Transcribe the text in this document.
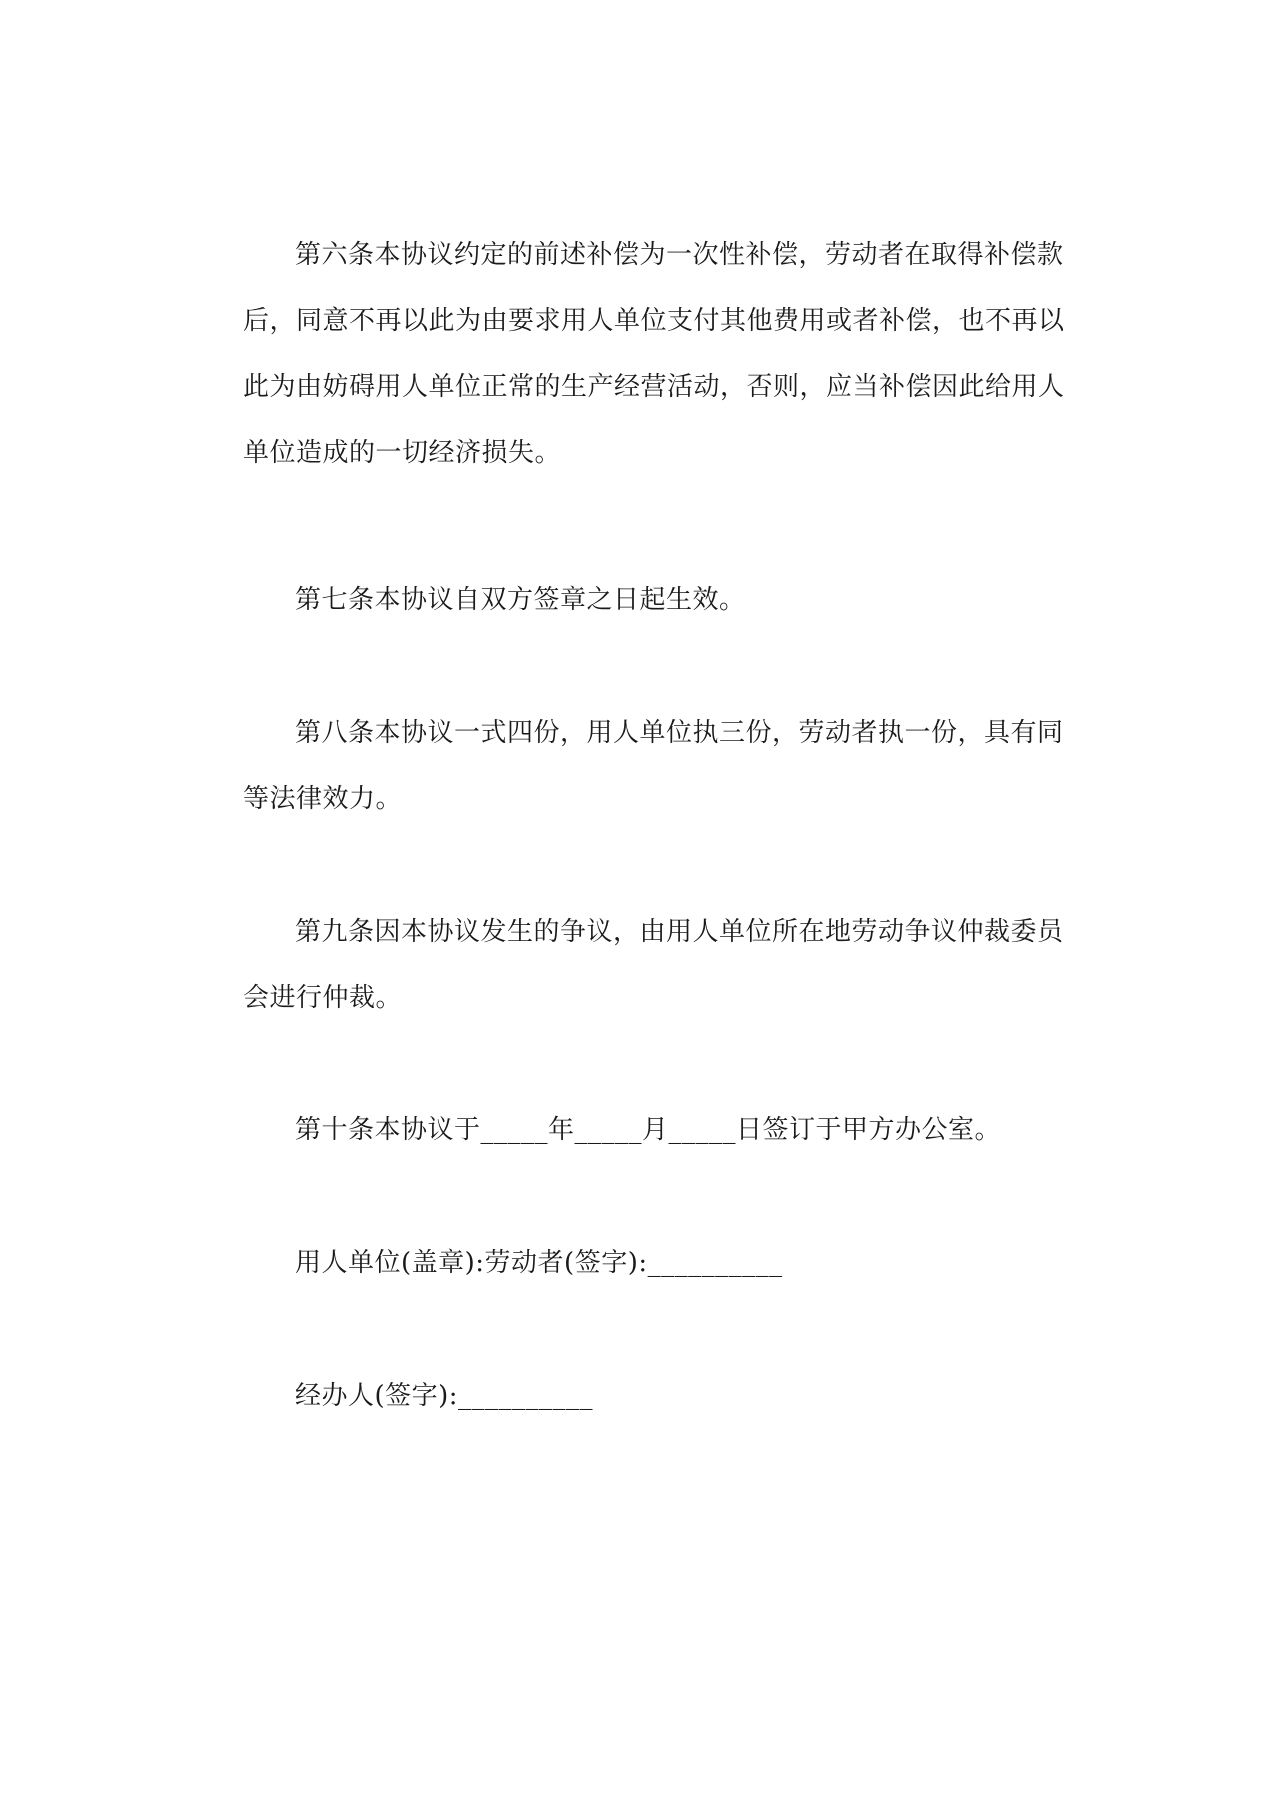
第六条本协议约定的前述补偿为一次性补偿，劳动者在取得补偿款
后，同意不再以此为由要求用人单位支付其他费用或者补偿，也不再以
此为由妨碍用人单位正常的生产经营活动，否则，应当补偿因此给用人
单位造成的一切经济损失。
第七条本协议自双方签章之日起生效。
第八条本协议一式四份，用人单位执三份，劳动者执一份，具有同
等法律效力。
第九条因本协议发生的争议，由用人单位所在地劳动争议仲裁委员
会进行仲裁。
第十条本协议于_____年_____月_____日签订于甲方办公室。
用人单位(盖章):劳动者(签字):__________
经办人(签字):__________
